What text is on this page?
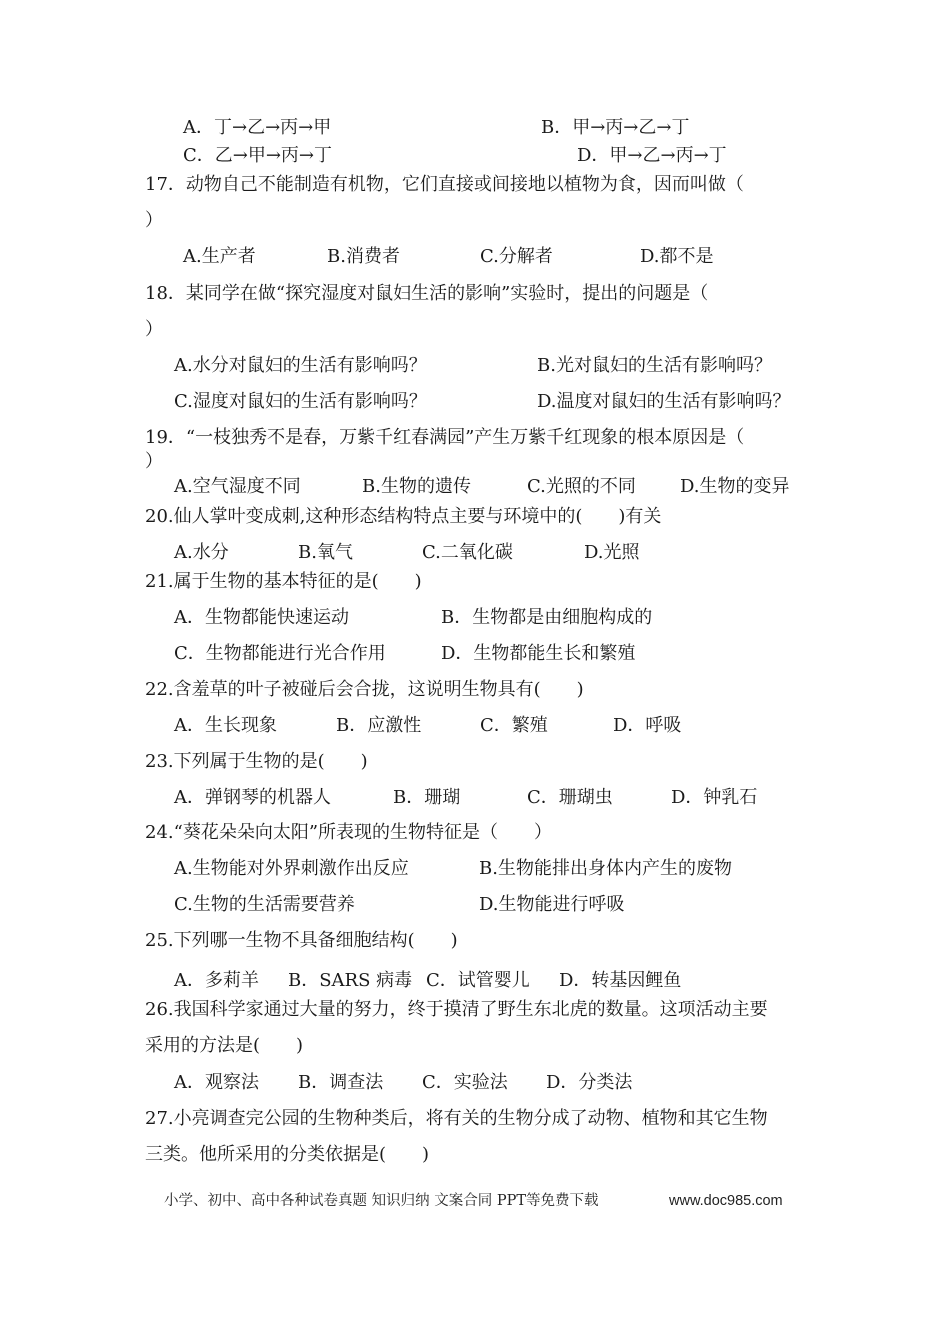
A．丁→乙→丙→甲	B．甲→丙→乙→丁
C．乙→甲→丙→丁	D．甲→乙→丙→丁
17．动物自己不能制造有机物，它们直接或间接地以植物为食，因而叫做（
）
A.生产者	B.消费者	C.分解者	D.都不是
18．某同学在做“探究湿度对鼠妇生活的影响”实验时，提出的问题是（
）
A.水分对鼠妇的生活有影响吗？	B.光对鼠妇的生活有影响吗？
C.湿度对鼠妇的生活有影响吗？	D.温度对鼠妇的生活有影响吗？
19．“一枝独秀不是春，万紫千红春满园”产生万紫千红现象的根本原因是（
）
A.空气湿度不同	B.生物的遗传	C.光照的不同 D.生物的变异
20.仙人掌叶变成刺,这种形态结构特点主要与环境中的(　　)有关
A.水分	B.氧气	C.二氧化碳	D.光照
21.属于生物的基本特征的是(　　)
A．生物都能快速运动	B．生物都是由细胞构成的
C．生物都能进行光合作用	D．生物都能生长和繁殖
22.含羞草的叶子被碰后会合拢，这说明生物具有(　　)
A．生长现象	B．应激性	C．繁殖	D．呼吸
23.下列属于生物的是(　　)
A．弹钢琴的机器人	B．珊瑚	C．珊瑚虫	D．钟乳石
24.“葵花朵朵向太阳”所表现的生物特征是（　　）
A.生物能对外界刺激作出反应	B.生物能排出身体内产生的废物
C.生物的生活需要营养	D.生物能进行呼吸
25.下列哪一生物不具备细胞结构(　　)
A．多莉羊 B．SARS 病毒 C．试管婴儿 D．转基因鲤鱼
26.我国科学家通过大量的努力，终于摸清了野生东北虎的数量。这项活动主要
采用的方法是(　　)
A．观察法 B．调查法 C．实验法 D．分类法
27.小亮调查完公园的生物种类后，将有关的生物分成了动物、植物和其它生物
三类。他所采用的分类依据是(　　)
小学、初中、高中各种试卷真题 知识归纳 文案合同 PPT等免费下载	www.doc985.com
